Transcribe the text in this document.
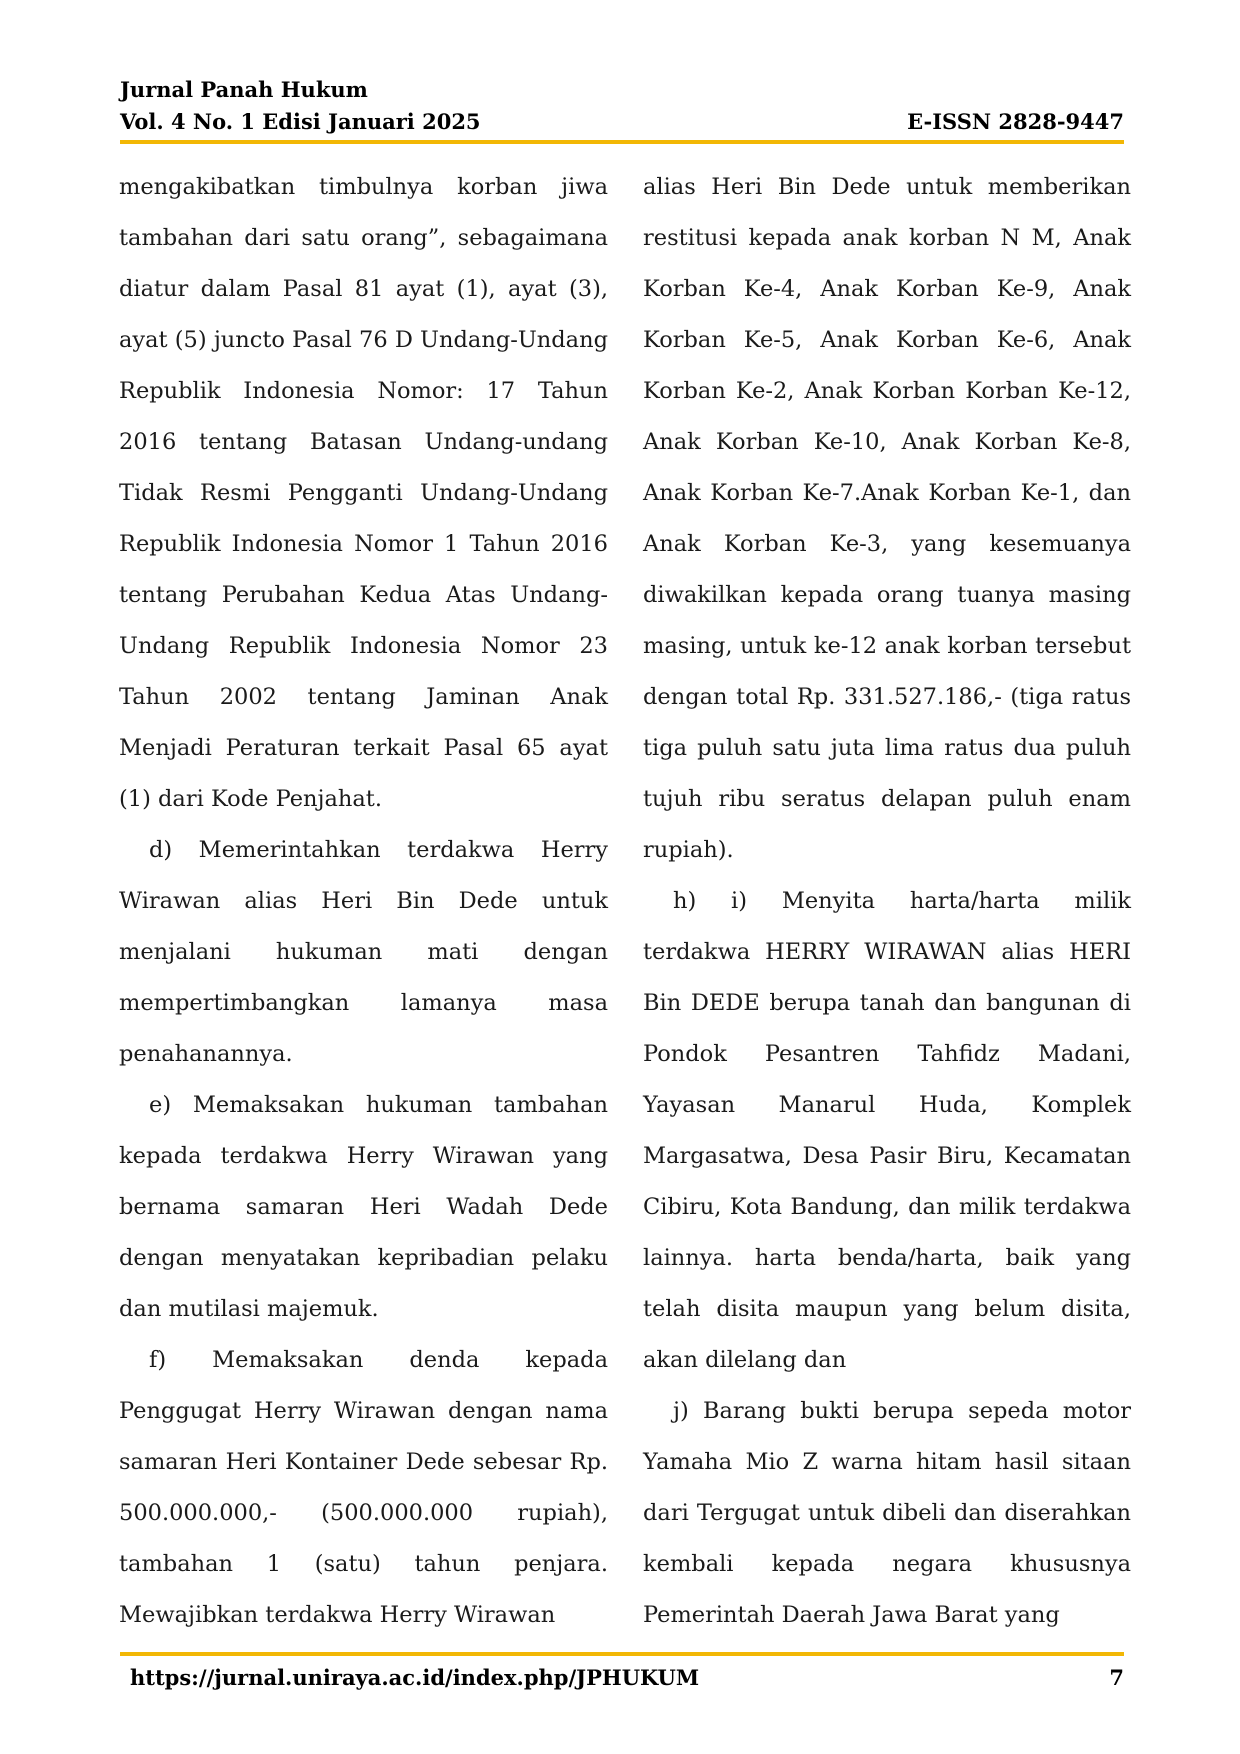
Jurnal Panah Hukum
Vol. 4 No. 1 Edisi Januari 2025	E-ISSN 2828-9447

mengakibatkan timbulnya korban jiwa tambahan dari satu orang”, sebagaimana diatur dalam Pasal 81 ayat (1), ayat (3), ayat (5) juncto Pasal 76 D Undang-Undang Republik Indonesia Nomor: 17 Tahun 2016 tentang Batasan Undang-undang Tidak Resmi Pengganti Undang-Undang Republik Indonesia Nomor 1 Tahun 2016 tentang Perubahan Kedua Atas Undang-Undang Republik Indonesia Nomor 23 Tahun 2002 tentang Jaminan Anak Menjadi Peraturan terkait Pasal 65 ayat (1) dari Kode Penjahat.

d) Memerintahkan terdakwa Herry Wirawan alias Heri Bin Dede untuk menjalani hukuman mati dengan mempertimbangkan lamanya masa penahanannya.

e) Memaksakan hukuman tambahan kepada terdakwa Herry Wirawan yang bernama samaran Heri Wadah Dede dengan menyatakan kepribadian pelaku dan mutilasi majemuk.

f) Memaksakan denda kepada Penggugat Herry Wirawan dengan nama samaran Heri Kontainer Dede sebesar Rp. 500.000.000,- (500.000.000 rupiah), tambahan 1 (satu) tahun penjara. Mewajibkan terdakwa Herry Wirawan

alias Heri Bin Dede untuk memberikan restitusi kepada anak korban N M, Anak Korban Ke-4, Anak Korban Ke-9, Anak Korban Ke-5, Anak Korban Ke-6, Anak Korban Ke-2, Anak Korban Korban Ke-12, Anak Korban Ke-10, Anak Korban Ke-8, Anak Korban Ke-7.Anak Korban Ke-1, dan Anak Korban Ke-3, yang kesemuanya diwakilkan kepada orang tuanya masing masing, untuk ke-12 anak korban tersebut dengan total Rp. 331.527.186,- (tiga ratus tiga puluh satu juta lima ratus dua puluh tujuh ribu seratus delapan puluh enam rupiah).

h) i) Menyita harta/harta milik terdakwa HERRY WIRAWAN alias HERI Bin DEDE berupa tanah dan bangunan di Pondok Pesantren Tahfidz Madani, Yayasan Manarul Huda, Komplek Margasatwa, Desa Pasir Biru, Kecamatan Cibiru, Kota Bandung, dan milik terdakwa lainnya. harta benda/harta, baik yang telah disita maupun yang belum disita, akan dilelang dan

j) Barang bukti berupa sepeda motor Yamaha Mio Z warna hitam hasil sitaan dari Tergugat untuk dibeli dan diserahkan kembali kepada negara khususnya Pemerintah Daerah Jawa Barat yang

https://jurnal.uniraya.ac.id/index.php/JPHUKUM	7
